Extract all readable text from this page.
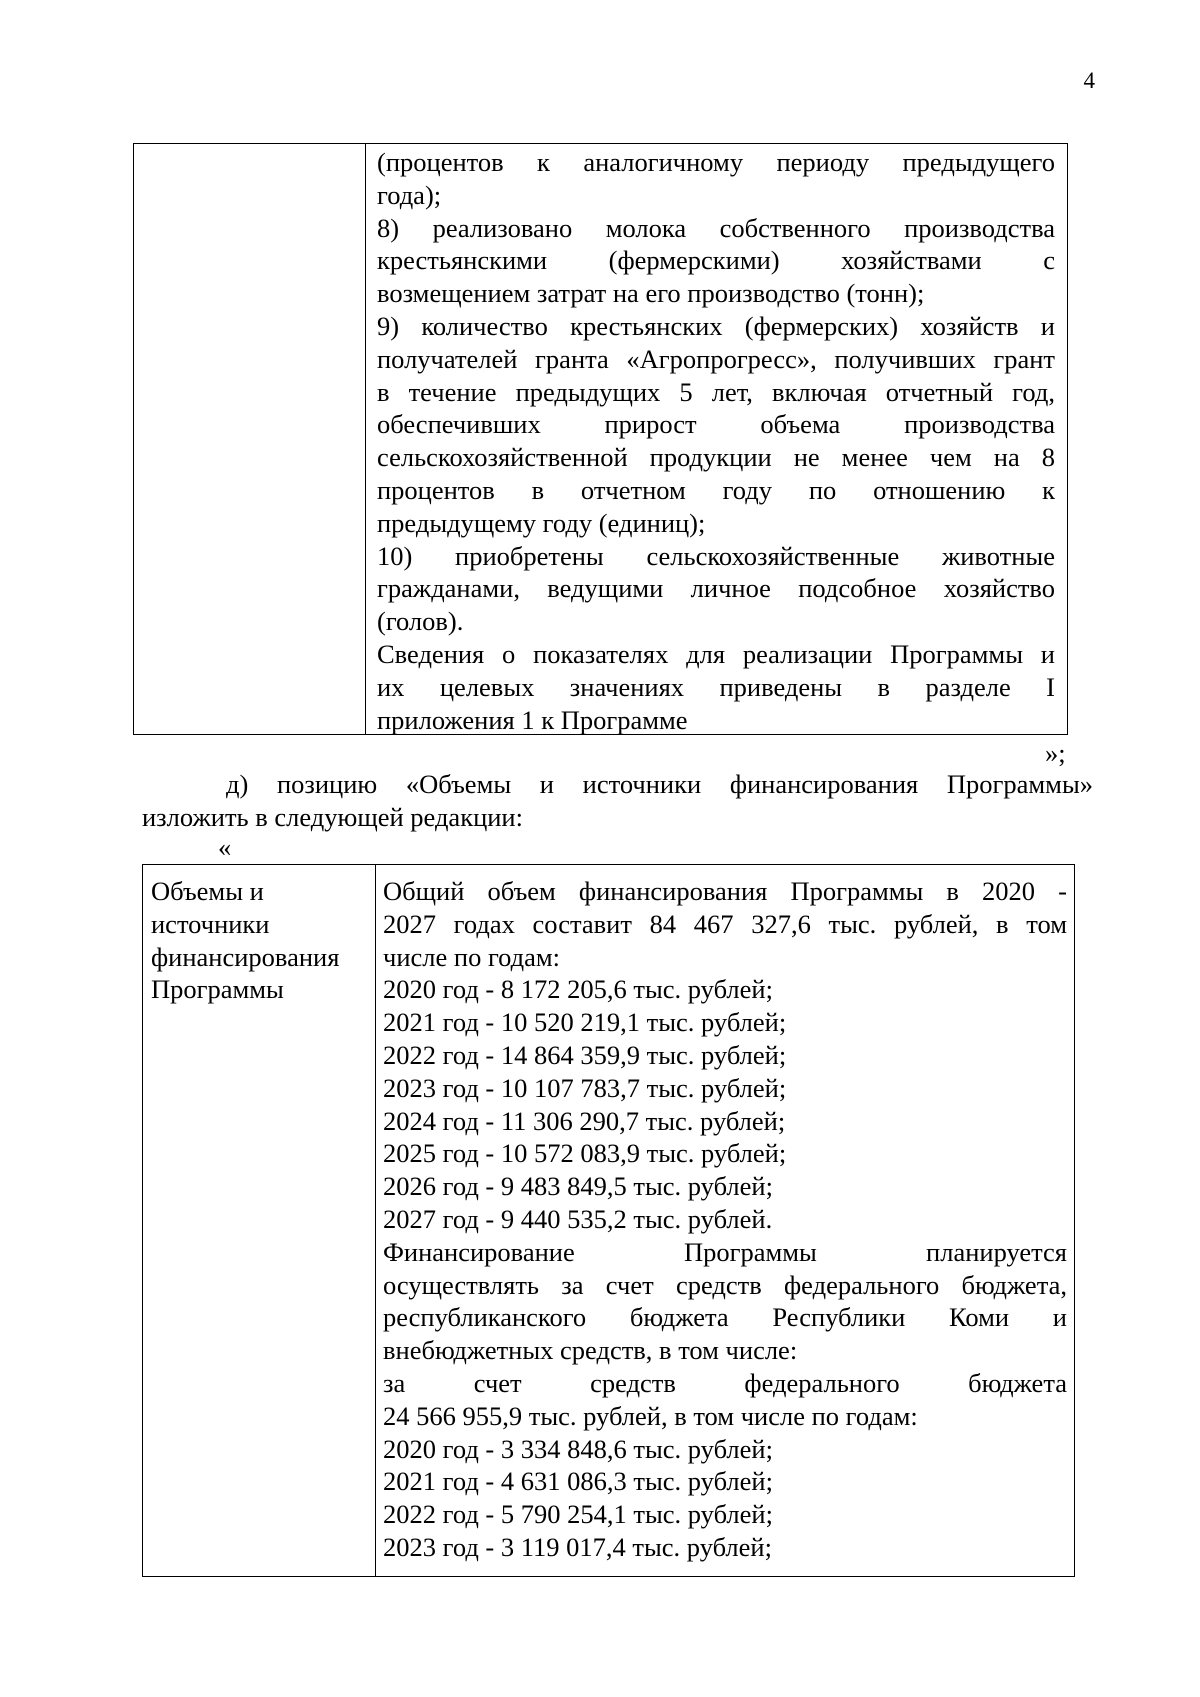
4
(процентов к аналогичному периоду предыдущего
года);
8) реализовано молока собственного производства
крестьянскими (фермерскими) хозяйствами с
возмещением затрат на его производство (тонн);
9) количество крестьянских (фермерских) хозяйств и
получателей гранта «Агропрогресс», получивших грант
в течение предыдущих 5 лет, включая отчетный год,
обеспечивших прирост объема производства
сельскохозяйственной продукции не менее чем на 8
процентов в отчетном году по отношению к
предыдущему году (единиц);
10) приобретены сельскохозяйственные животные
гражданами, ведущими личное подсобное хозяйство
(голов).
Сведения о показателях для реализации Программы и
их целевых значениях приведены в разделе I
приложения 1 к Программе
»;
д) позицию «Объемы и источники финансирования Программы»
изложить в следующей редакции:
«
Объемы и
источники
финансирования
Программы
Общий объем финансирования Программы в 2020 -
2027 годах составит 84 467 327,6 тыс. рублей, в том
числе по годам:
2020 год - 8 172 205,6 тыс. рублей;
2021 год - 10 520 219,1 тыс. рублей;
2022 год - 14 864 359,9 тыс. рублей;
2023 год - 10 107 783,7 тыс. рублей;
2024 год - 11 306 290,7 тыс. рублей;
2025 год - 10 572 083,9 тыс. рублей;
2026 год - 9 483 849,5 тыс. рублей;
2027 год - 9 440 535,2 тыс. рублей.
Финансирование Программы планируется
осуществлять за счет средств федерального бюджета,
республиканского бюджета Республики Коми и
внебюджетных средств, в том числе:
за счет средств федерального бюджета
24 566 955,9 тыс. рублей, в том числе по годам:
2020 год - 3 334 848,6 тыс. рублей;
2021 год - 4 631 086,3 тыс. рублей;
2022 год - 5 790 254,1 тыс. рублей;
2023 год - 3 119 017,4 тыс. рублей;
